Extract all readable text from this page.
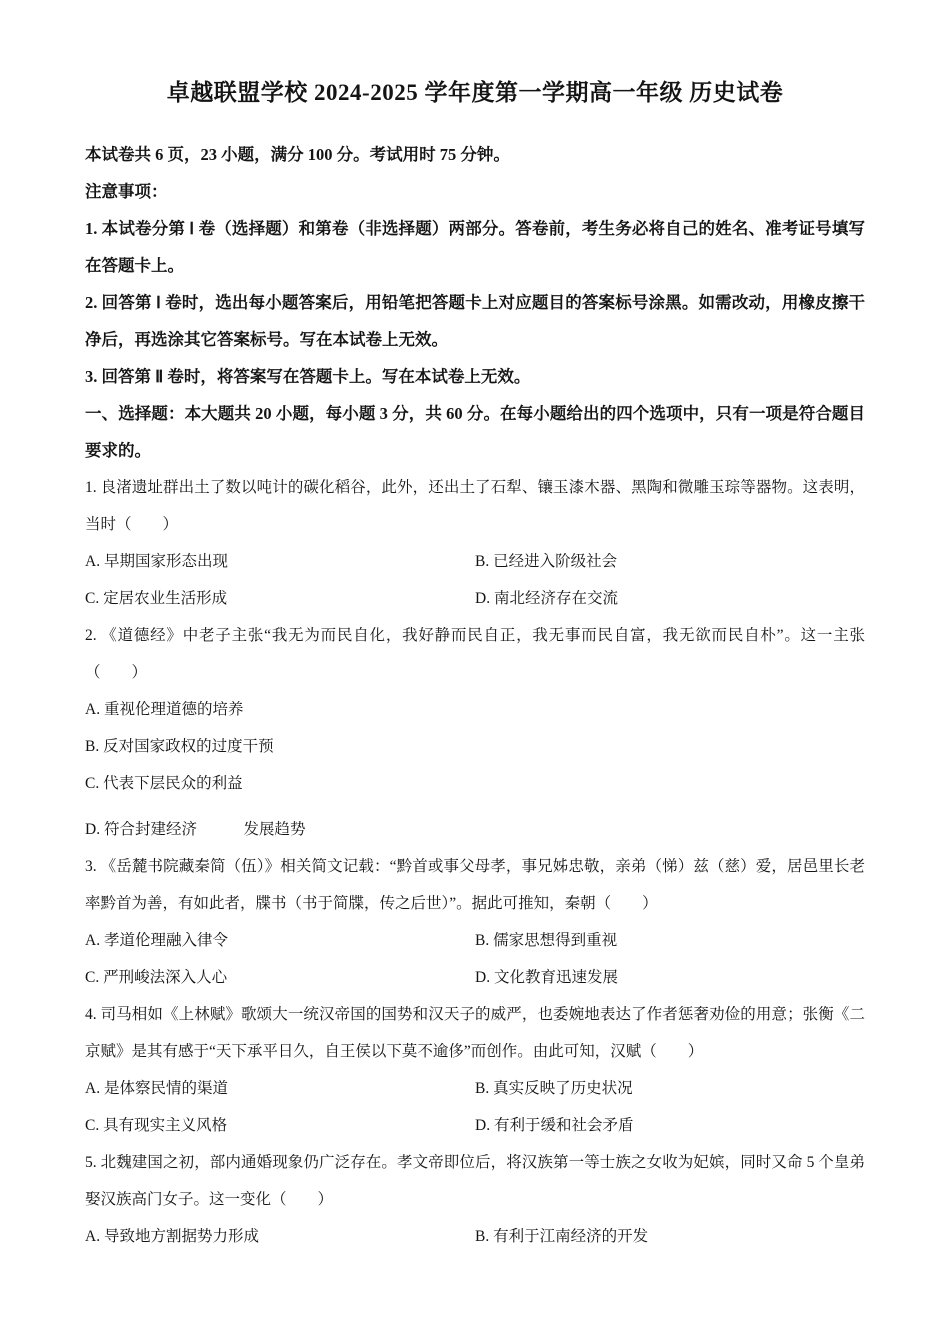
卓越联盟学校 2024-2025 学年度第一学期高一年级 历史试卷

本试卷共 6 页，23 小题，满分 100 分。考试用时 75 分钟。

注意事项：

1. 本试卷分第 Ⅰ 卷（选择题）和第卷（非选择题）两部分。答卷前，考生务必将自己的姓名、准考证号填写在答题卡上。

2. 回答第 Ⅰ 卷时，选出每小题答案后，用铅笔把答题卡上对应题目的答案标号涂黑。如需改动，用橡皮擦干净后，再选涂其它答案标号。写在本试卷上无效。

3. 回答第 Ⅱ 卷时，将答案写在答题卡上。写在本试卷上无效。

一、选择题：本大题共 20 小题，每小题 3 分，共 60 分。在每小题给出的四个选项中，只有一项是符合题目要求的。

1. 良渚遗址群出土了数以吨计的碳化稻谷，此外，还出土了石犁、镶玉漆木器、黑陶和微雕玉琮等器物。这表明，当时（　　）

A. 早期国家形态出现	B. 已经进入阶级社会
C. 定居农业生活形成	D. 南北经济存在交流

2. 《道德经》中老子主张“我无为而民自化，我好静而民自正，我无事而民自富，我无欲而民自朴”。这一主张（　　）

A. 重视伦理道德的培养
B. 反对国家政权的过度干预
C. 代表下层民众的利益
D. 符合封建经济　　　发展趋势

3. 《岳麓书院藏秦简（伍）》相关简文记载：“黔首或事父母孝，事兄姊忠敬，亲弟（悌）兹（慈）爱，居邑里长老率黔首为善，有如此者，牒书（书于简牒，传之后世）”。据此可推知，秦朝（　　）

A. 孝道伦理融入律令	B. 儒家思想得到重视
C. 严刑峻法深入人心	D. 文化教育迅速发展

4. 司马相如《上林赋》歌颂大一统汉帝国的国势和汉天子的威严，也委婉地表达了作者惩奢劝俭的用意；张衡《二京赋》是其有感于“天下承平日久，自王侯以下莫不逾侈”而创作。由此可知，汉赋（　　）

A. 是体察民情的渠道	B. 真实反映了历史状况
C. 具有现实主义风格	D. 有利于缓和社会矛盾

5. 北魏建国之初，部内通婚现象仍广泛存在。孝文帝即位后，将汉族第一等士族之女收为妃嫔，同时又命 5 个皇弟娶汉族高门女子。这一变化（　　）

A. 导致地方割据势力形成	B. 有利于江南经济的开发
